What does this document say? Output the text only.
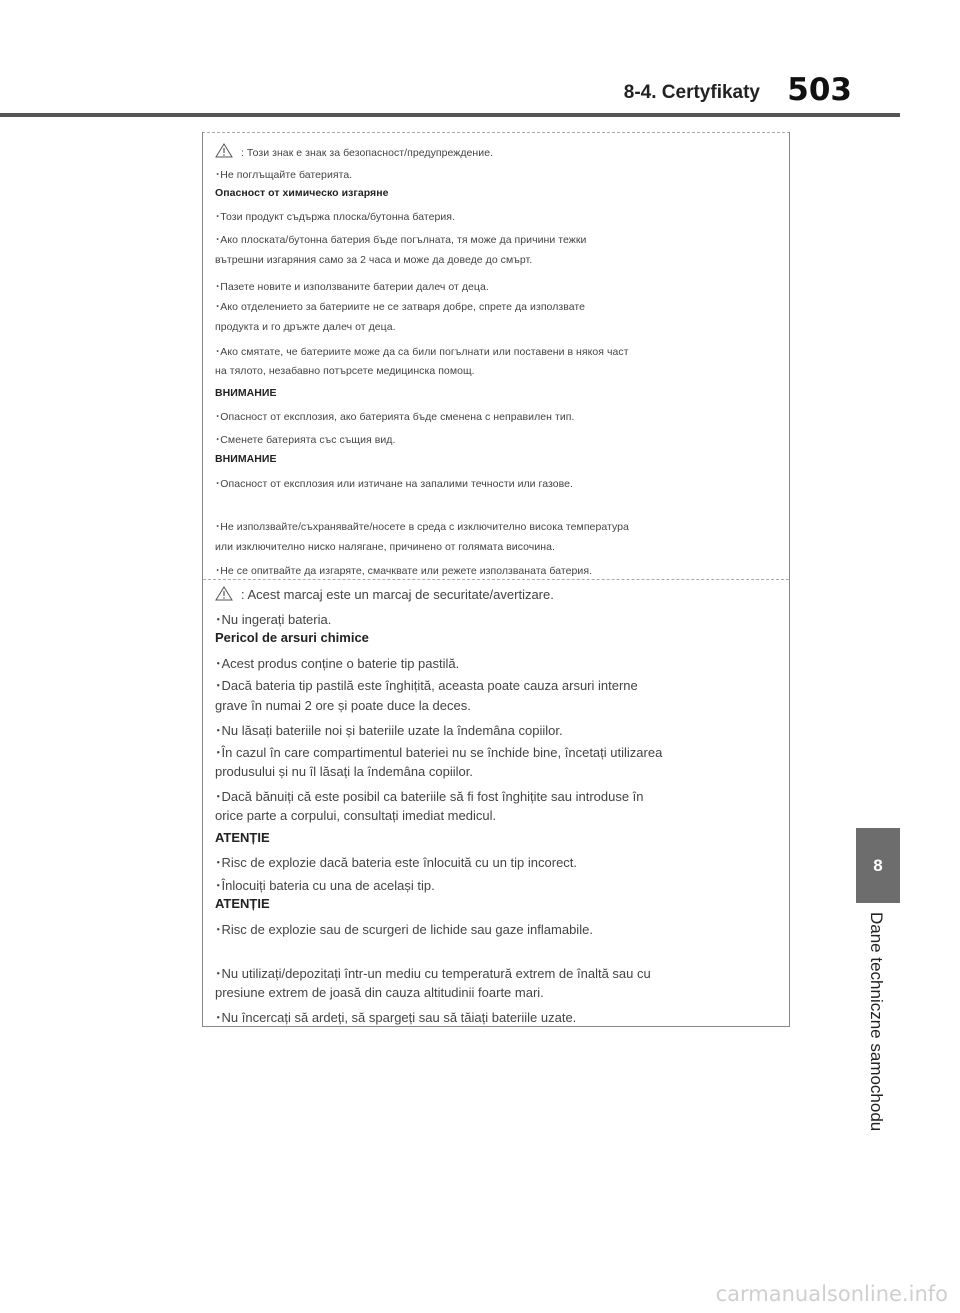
8-4. Certyfikaty 503
8
Dane techniczne samochodu
: Този знак е знак за безопасност/предупреждение.
･Не поглъщайте батерията.
Опасност от химическо изгаряне
･Този продукт съдържа плоска/бутонна батерия.
･Ако плоската/бутонна батерия бъде погълната, тя може да причини тежки
вътрешни изгаряния само за 2 часа и може да доведе до смърт.
･Пазете новите и използваните батерии далеч от деца.
･Ако отделението за батериите не се затваря добре, спрете да използвате
продукта и го дръжте далеч от деца.
･Ако смятате, че батериите може да са били погълнати или поставени в някоя част
на тялото, незабавно потърсете медицинска помощ.
ВНИМАНИЕ
･Опасност от експлозия, ако батерията бъде сменена с неправилен тип.
･Сменете батерията със същия вид.
ВНИМАНИЕ
･Опасност от експлозия или изтичане на запалими течности или газове.
･Не използвайте/съхранявайте/носете в среда с изключително висока температура
или изключително ниско налягане, причинено от голямата височина.
･Не се опитвайте да изгаряте, смачквате или режете използваната батерия.
: Acest marcaj este un marcaj de securitate/avertizare.
･Nu ingerați bateria.
Pericol de arsuri chimice
･Acest produs conține o baterie tip pastilă.
･Dacă bateria tip pastilă este înghițită, aceasta poate cauza arsuri interne
grave în numai 2 ore și poate duce la deces.
･Nu lăsați bateriile noi și bateriile uzate la îndemâna copiilor.
･În cazul în care compartimentul bateriei nu se închide bine, încetați utilizarea
produsului și nu îl lăsați la îndemâna copiilor.
･Dacă bănuiți că este posibil ca bateriile să fi fost înghițite sau introduse în
orice parte a corpului, consultați imediat medicul.
ATENȚIE
･Risc de explozie dacă bateria este înlocuită cu un tip incorect.
･Înlocuiți bateria cu una de același tip.
ATENȚIE
･Risc de explozie sau de scurgeri de lichide sau gaze inflamabile.
･Nu utilizați/depozitați într-un mediu cu temperatură extrem de înaltă sau cu
presiune extrem de joasă din cauza altitudinii foarte mari.
･Nu încercați să ardeți, să spargeți sau să tăiați bateriile uzate.
carmanualsonline.info
